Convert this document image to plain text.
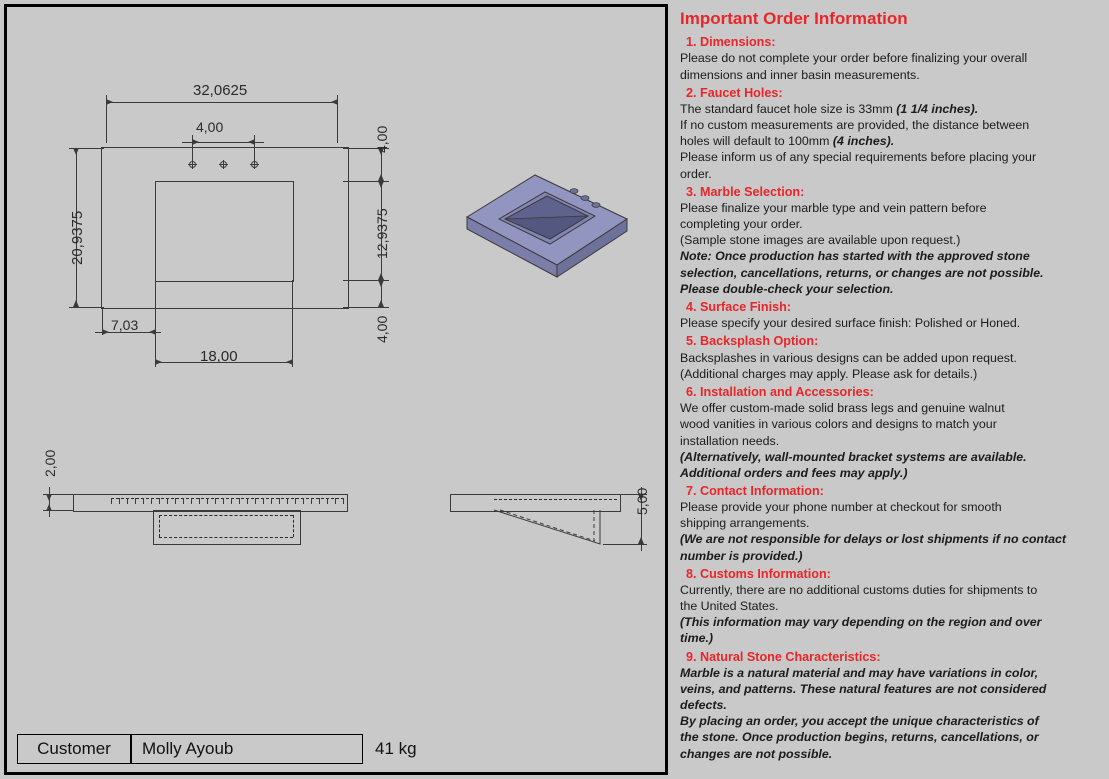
32,0625
4,00
20,9375
4,00
12,9375
4,00
7,03
18,00
2,00
5,00
Customer	Molly Ayoub	41 kg
Important Order Information
1. Dimensions:
Please do not complete your order before finalizing your overall
dimensions and inner basin measurements.
2. Faucet Holes:
The standard faucet hole size is 33mm (1 1/4 inches).
If no custom measurements are provided, the distance between
holes will default to 100mm (4 inches).
Please inform us of any special requirements before placing your
order.
3. Marble Selection:
Please finalize your marble type and vein pattern before
completing your order.
(Sample stone images are available upon request.)
Note: Once production has started with the approved stone
selection, cancellations, returns, or changes are not possible.
Please double-check your selection.
4. Surface Finish:
Please specify your desired surface finish: Polished or Honed.
5. Backsplash Option:
Backsplashes in various designs can be added upon request.
(Additional charges may apply. Please ask for details.)
6. Installation and Accessories:
We offer custom-made solid brass legs and genuine walnut
wood vanities in various colors and designs to match your
installation needs.
(Alternatively, wall-mounted bracket systems are available.
Additional orders and fees may apply.)
7. Contact Information:
Please provide your phone number at checkout for smooth
shipping arrangements.
(We are not responsible for delays or lost shipments if no contact
number is provided.)
8. Customs Information:
Currently, there are no additional customs duties for shipments to
the United States.
(This information may vary depending on the region and over
time.)
9. Natural Stone Characteristics:
Marble is a natural material and may have variations in color,
veins, and patterns. These natural features are not considered
defects.
By placing an order, you accept the unique characteristics of
the stone. Once production begins, returns, cancellations, or
changes are not possible.
